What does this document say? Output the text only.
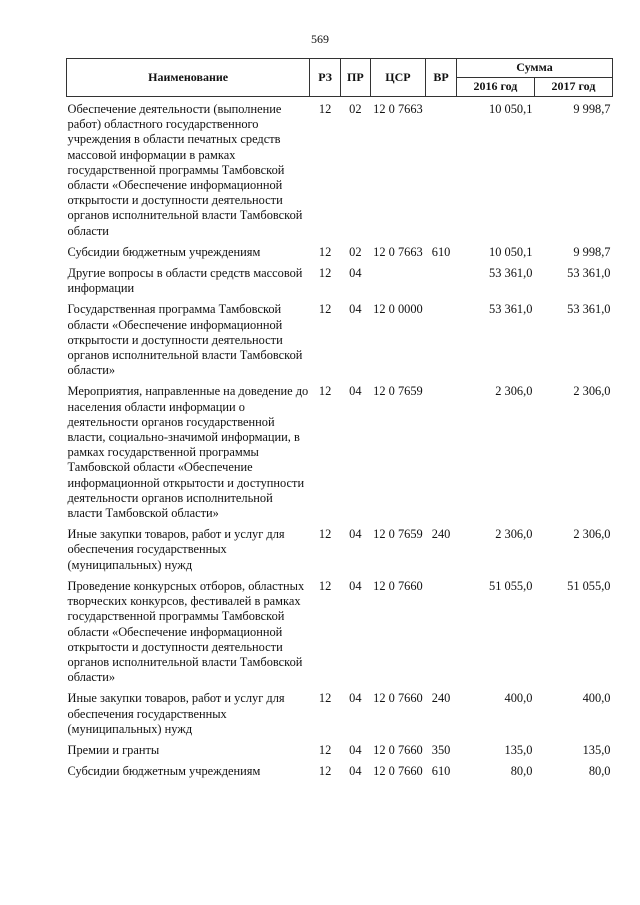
569
Наименование	РЗ	ПР	ЦСР	ВР	Сумма	
					2016 год	2017 год

Обеспечение деятельности (выполнение работ) областного государственного учреждения в области печатных средств массовой информации в рамках государственной программы Тамбовской области «Обеспечение информационной открытости и доступности деятельности органов исполнительной власти Тамбовской области	12	02	12 0 7663		10 050,1	9 998,7
Субсидии бюджетным учреждениям	12	02	12 0 7663	610	10 050,1	9 998,7
Другие вопросы в области средств массовой информации	12	04			53 361,0	53 361,0
Государственная программа Тамбовской области «Обеспечение информационной открытости и доступности деятельности органов исполнительной власти Тамбовской области»	12	04	12 0 0000		53 361,0	53 361,0
Мероприятия, направленные на доведение до населения области информации о деятельности органов государственной власти, социально-значимой информации, в рамках государственной программы Тамбовской области «Обеспечение информационной открытости и доступности деятельности органов исполнительной власти Тамбовской области»	12	04	12 0 7659		2 306,0	2 306,0
Иные закупки товаров, работ и услуг для обеспечения государственных (муниципальных) нужд	12	04	12 0 7659	240	2 306,0	2 306,0
Проведение конкурсных отборов, областных творческих конкурсов, фестивалей в рамках государственной программы Тамбовской области «Обеспечение информационной открытости и доступности деятельности органов исполнительной власти Тамбовской области»	12	04	12 0 7660		51 055,0	51 055,0
Иные закупки товаров, работ и услуг для обеспечения государственных (муниципальных) нужд	12	04	12 0 7660	240	400,0	400,0
Премии и гранты	12	04	12 0 7660	350	135,0	135,0
Субсидии бюджетным учреждениям	12	04	12 0 7660	610	80,0	80,0
